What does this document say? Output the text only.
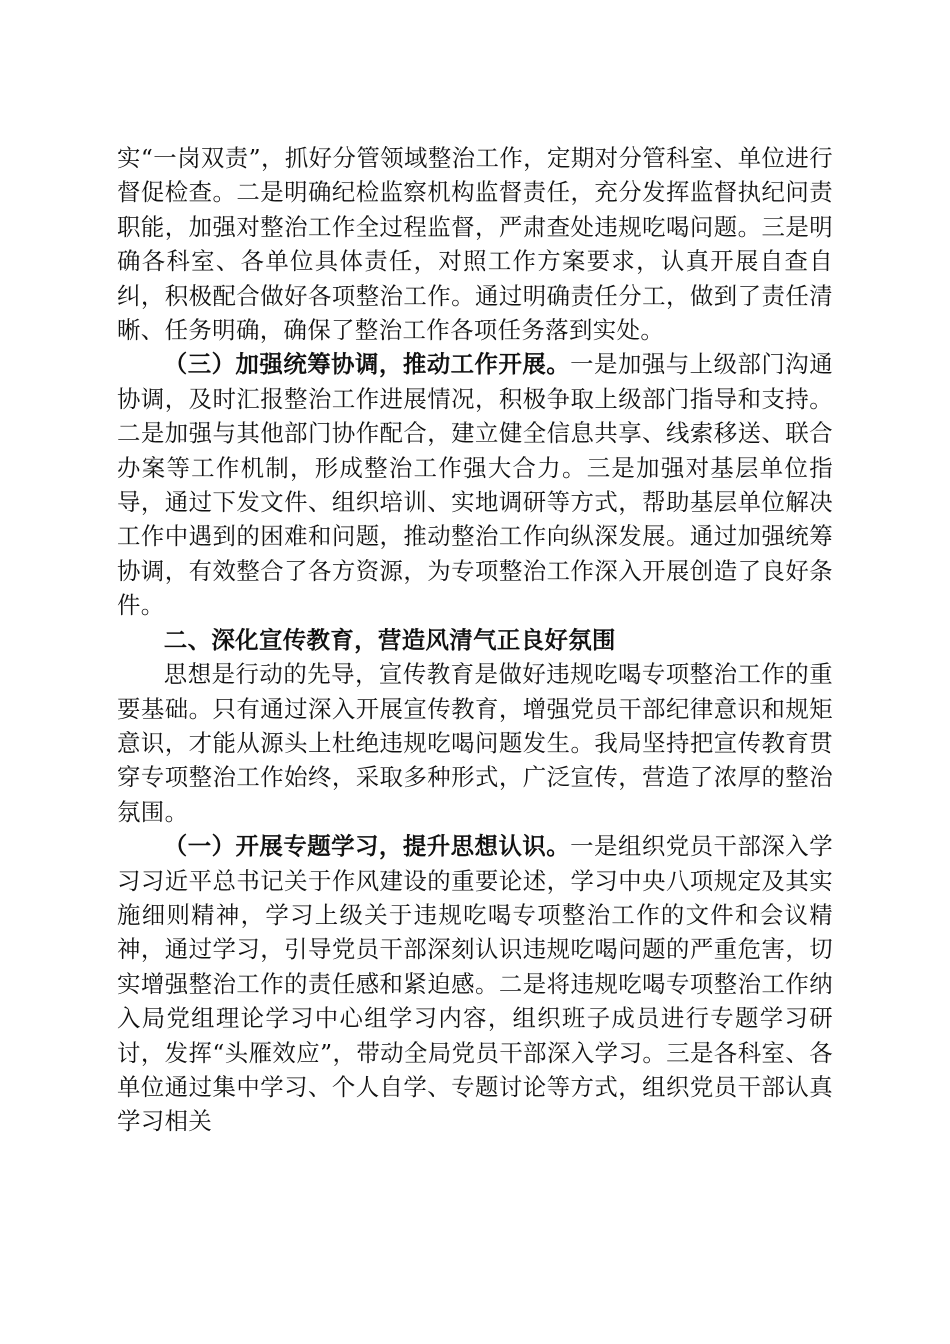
实“一岗双责”，抓好分管领域整治工作，定期对分管科室、单位进行督促检查。二是明确纪检监察机构监督责任，充分发挥监督执纪问责职能，加强对整治工作全过程监督，严肃查处违规吃喝问题。三是明确各科室、各单位具体责任，对照工作方案要求，认真开展自查自纠，积极配合做好各项整治工作。通过明确责任分工，做到了责任清晰、任务明确，确保了整治工作各项任务落到实处。

（三）加强统筹协调，推动工作开展。一是加强与上级部门沟通协调，及时汇报整治工作进展情况，积极争取上级部门指导和支持。二是加强与其他部门协作配合，建立健全信息共享、线索移送、联合办案等工作机制，形成整治工作强大合力。三是加强对基层单位指导，通过下发文件、组织培训、实地调研等方式，帮助基层单位解决工作中遇到的困难和问题，推动整治工作向纵深发展。通过加强统筹协调，有效整合了各方资源，为专项整治工作深入开展创造了良好条件。

二、深化宣传教育，营造风清气正良好氛围

思想是行动的先导，宣传教育是做好违规吃喝专项整治工作的重要基础。只有通过深入开展宣传教育，增强党员干部纪律意识和规矩意识，才能从源头上杜绝违规吃喝问题发生。我局坚持把宣传教育贯穿专项整治工作始终，采取多种形式，广泛宣传，营造了浓厚的整治氛围。

（一）开展专题学习，提升思想认识。一是组织党员干部深入学习习近平总书记关于作风建设的重要论述，学习中央八项规定及其实施细则精神，学习上级关于违规吃喝专项整治工作的文件和会议精神，通过学习，引导党员干部深刻认识违规吃喝问题的严重危害，切实增强整治工作的责任感和紧迫感。二是将违规吃喝专项整治工作纳入局党组理论学习中心组学习内容，组织班子成员进行专题学习研讨，发挥“头雁效应”，带动全局党员干部深入学习。三是各科室、各单位通过集中学习、个人自学、专题讨论等方式，组织党员干部认真学习相关
